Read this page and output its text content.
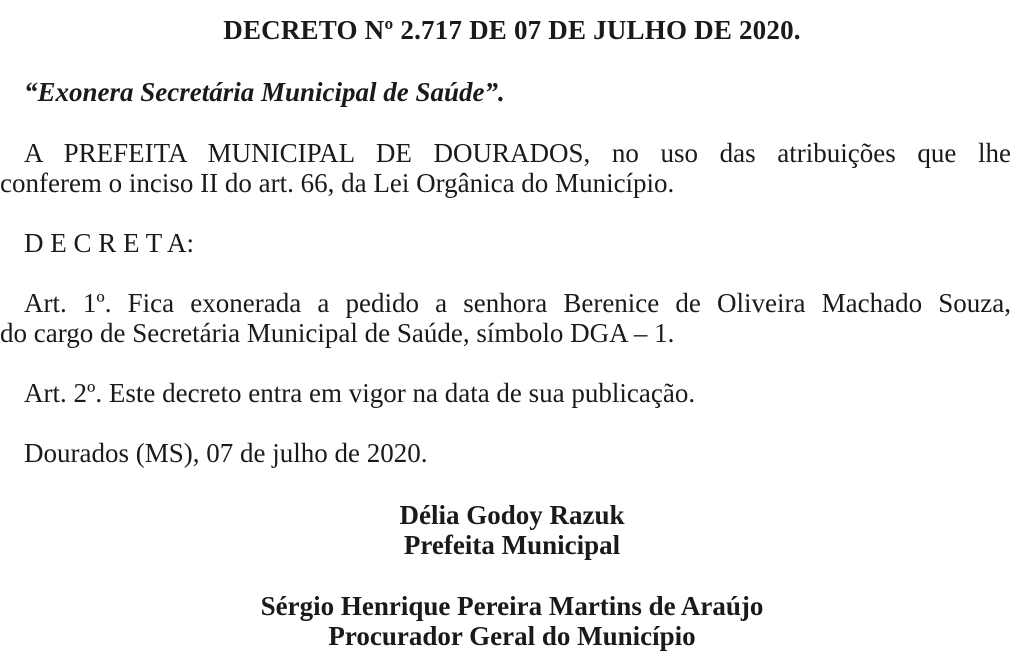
DECRETO Nº 2.717 DE 07 DE JULHO DE 2020.
“Exonera Secretária Municipal de Saúde”.
A PREFEITA MUNICIPAL DE DOURADOS, no uso das atribuições que lhe
conferem o inciso II do art. 66, da Lei Orgânica do Município.
D E C R E T A:
Art. 1º. Fica exonerada a pedido a senhora Berenice de Oliveira Machado Souza,
do cargo de Secretária Municipal de Saúde, símbolo DGA – 1.
Art. 2º. Este decreto entra em vigor na data de sua publicação.
Dourados (MS), 07 de julho de 2020.
Délia Godoy Razuk
Prefeita Municipal
Sérgio Henrique Pereira Martins de Araújo
Procurador Geral do Município
